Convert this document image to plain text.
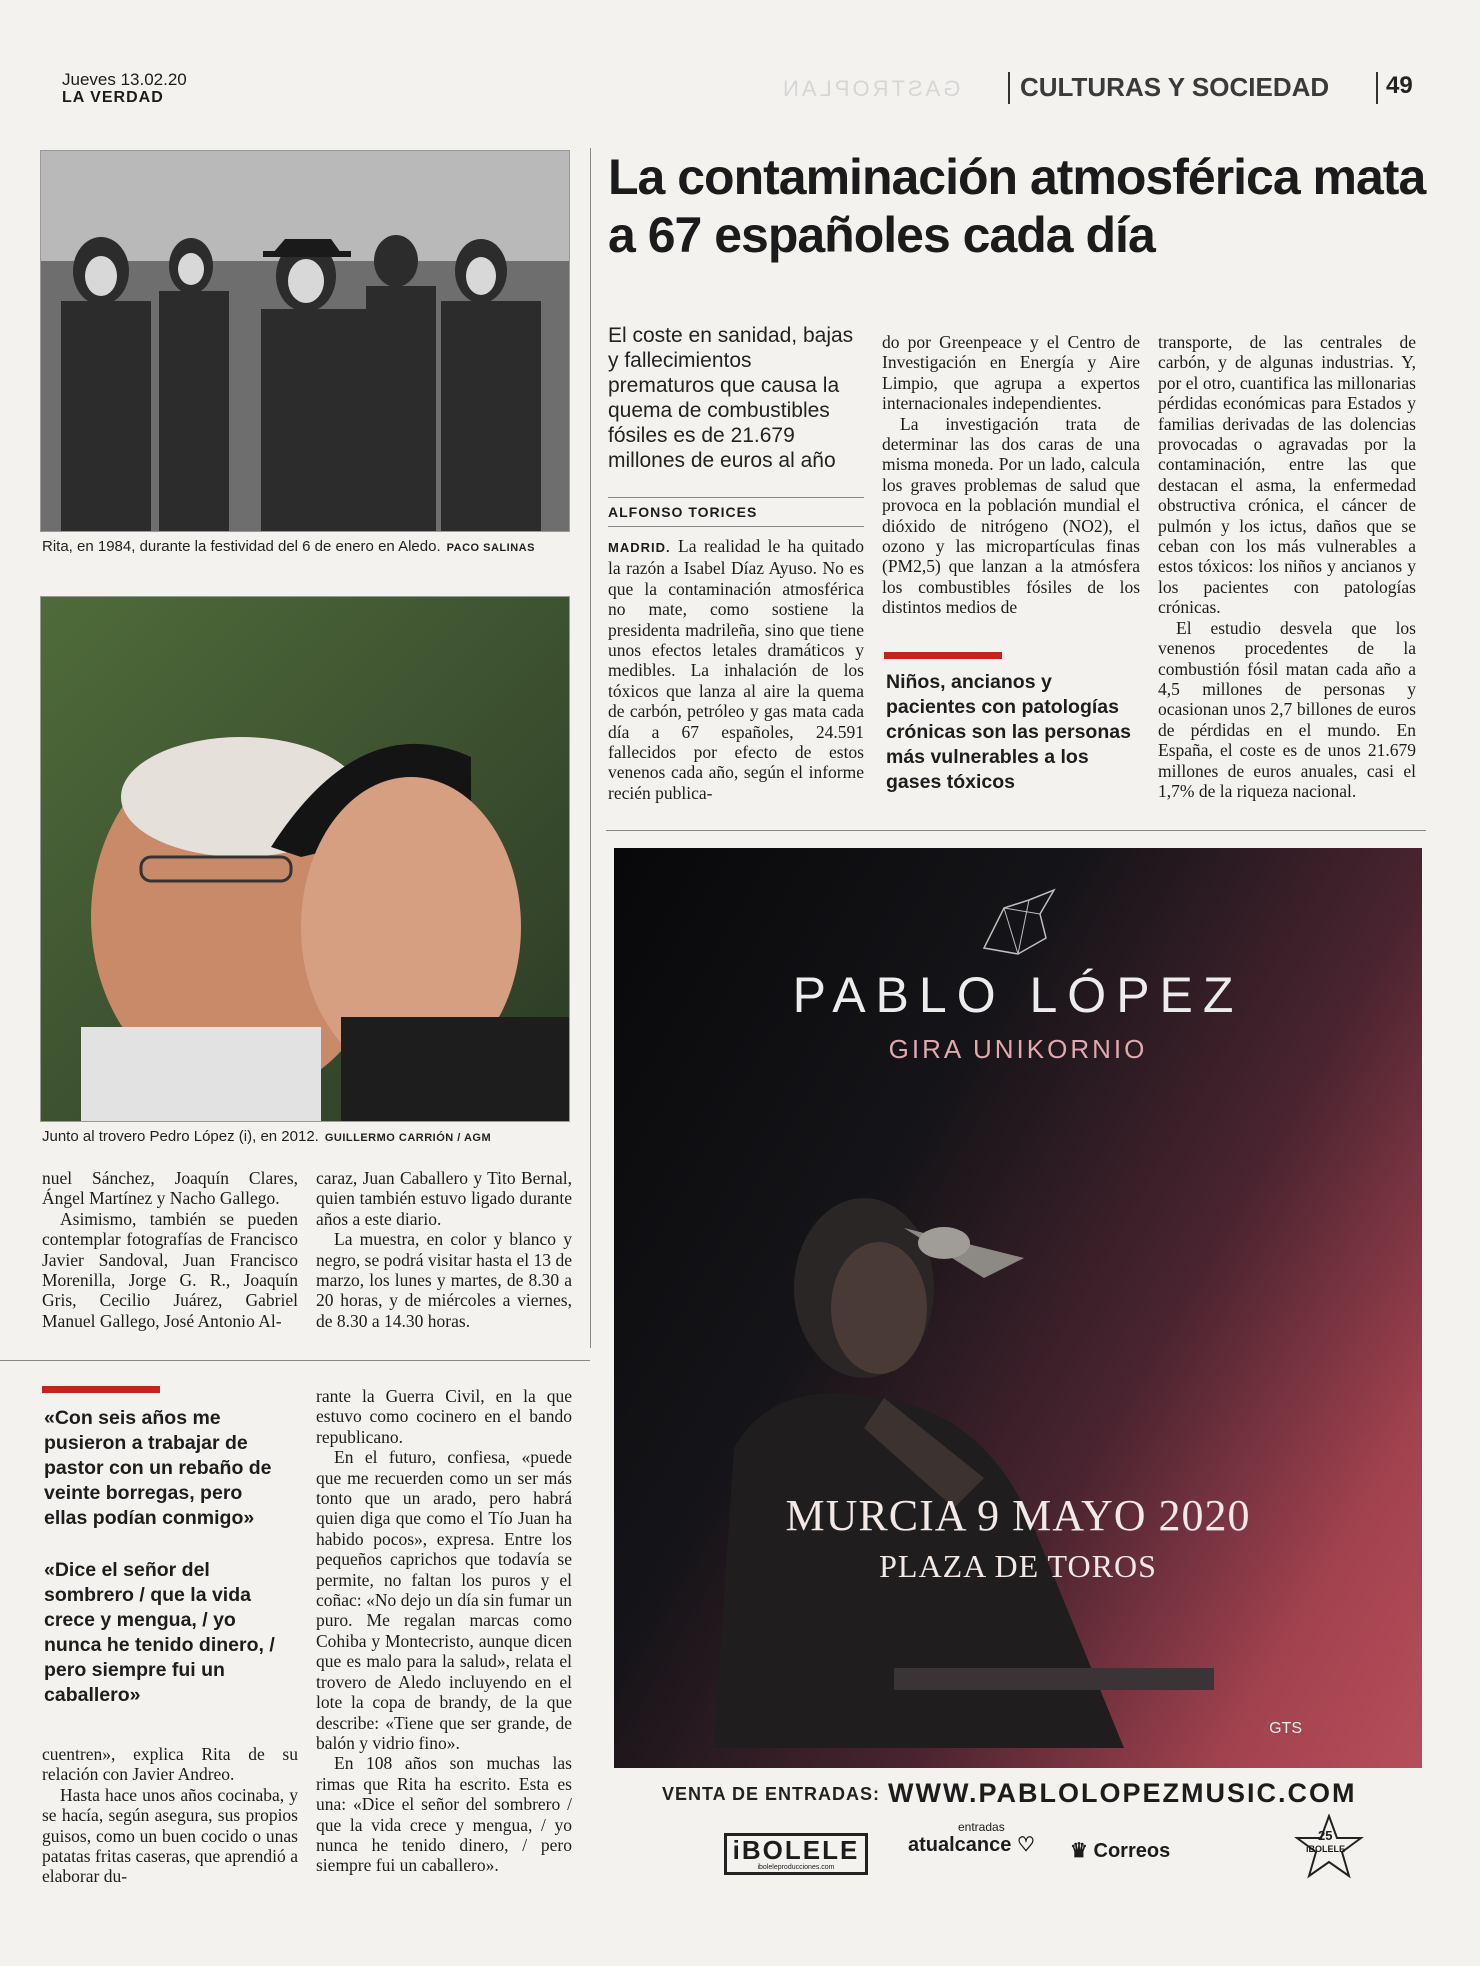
Jueves 13.02.20
LA VERDAD	GASTROPLAN CULTURAS Y SOCIEDAD 49
Rita, en 1984, durante la festividad del 6 de enero en Aledo. PACO SALINAS
Junto al trovero Pedro López (i), en 2012. GUILLERMO CARRIÓN / AGM

nuel Sánchez, Joaquín Clares, Ángel Martínez y Nacho Gallego.

Asimismo, también se pueden contemplar fotografías de Francisco Javier Sandoval, Juan Francisco Morenilla, Jorge G. R., Joaquín Gris, Cecilio Juárez, Gabriel Manuel Gallego, José Antonio Al-

caraz, Juan Caballero y Tito Bernal, quien también estuvo ligado durante años a este diario.

La muestra, en color y blanco y negro, se podrá visitar hasta el 13 de marzo, los lunes y martes, de 8.30 a 20 horas, y de miércoles a viernes, de 8.30 a 14.30 horas.

«Con seis años me pusieron a trabajar de pastor con un rebaño de veinte borregas, pero ellas podían conmigo»
«Dice el señor del sombrero / que la vida crece y mengua, / yo nunca he tenido dinero, / pero siempre fui un caballero»

cuentren», explica Rita de su relación con Javier Andreo.

Hasta hace unos años cocinaba, y se hacía, según asegura, sus propios guisos, como un buen cocido o unas patatas fritas caseras, que aprendió a elaborar du-

rante la Guerra Civil, en la que estuvo como cocinero en el bando republicano.

En el futuro, confiesa, «puede que me recuerden como un ser más tonto que un arado, pero habrá quien diga que como el Tío Juan ha habido pocos», expresa. Entre los pequeños caprichos que todavía se permite, no faltan los puros y el coñac: «No dejo un día sin fumar un puro. Me regalan marcas como Cohiba y Montecristo, aunque dicen que es malo para la salud», relata el trovero de Aledo incluyendo en el lote la copa de brandy, de la que describe: «Tiene que ser grande, de balón y vidrio fino».

En 108 años son muchas las rimas que Rita ha escrito. Esta es una: «Dice el señor del sombrero / que la vida crece y mengua, / yo nunca he tenido dinero, / pero siempre fui un caballero».

La contaminación atmosférica mata a 67 españoles cada día
El coste en sanidad, bajas y fallecimientos prematuros que causa la quema de combustibles fósiles es de 21.679 millones de euros al año
ALFONSO TORICES

MADRID. La realidad le ha quitado la razón a Isabel Díaz Ayuso. No es que la contaminación atmosférica no mate, como sostiene la presidenta madrileña, sino que tiene unos efectos letales dramáticos y medibles. La inhalación de los tóxicos que lanza al aire la quema de carbón, petróleo y gas mata cada día a 67 españoles, 24.591 fallecidos por efecto de estos venenos cada año, según el informe recién publica-

do por Greenpeace y el Centro de Investigación en Energía y Aire Limpio, que agrupa a expertos internacionales independientes.

La investigación trata de determinar las dos caras de una misma moneda. Por un lado, calcula los graves problemas de salud que provoca en la población mundial el dióxido de nitrógeno (NO2), el ozono y las micropartículas finas (PM2,5) que lanzan a la atmósfera los combustibles fósiles de los distintos medios de

Niños, ancianos y pacientes con patologías crónicas son las personas más vulnerables a los gases tóxicos

transporte, de las centrales de carbón, y de algunas industrias. Y, por el otro, cuantifica las millonarias pérdidas económicas para Estados y familias derivadas de las dolencias provocadas o agravadas por la contaminación, entre las que destacan el asma, la enfermedad obstructiva crónica, el cáncer de pulmón y los ictus, daños que se ceban con los más vulnerables a estos tóxicos: los niños y ancianos y los pacientes con patologías crónicas.

El estudio desvela que los venenos procedentes de la combustión fósil matan cada año a 4,5 millones de personas y ocasionan unos 2,7 billones de euros de pérdidas en el mundo. En España, el coste es de unos 21.679 millones de euros anuales, casi el 1,7% de la riqueza nacional.

PABLO LÓPEZ
GIRA UNIKORNIO
MURCIA 9 MAYO 2020
PLAZA DE TOROS
GTS
VENTA DE ENTRADAS: WWW.PABLOLOPEZMUSIC.COM
iBOLELE
iboleleproducciones.com
entradas
atualcance ♡ ♛ Correos
25
iBOLELE
